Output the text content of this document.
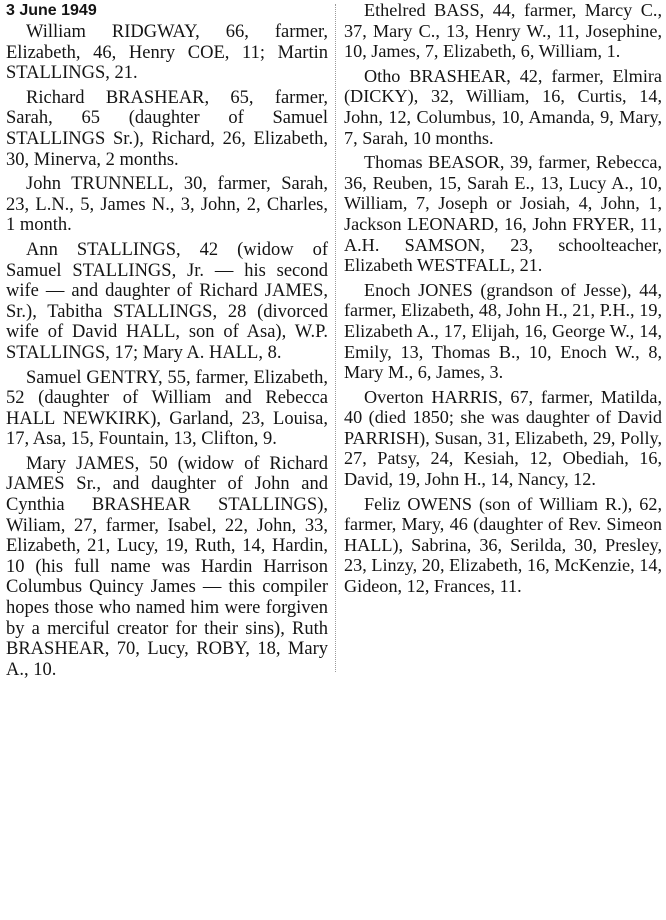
3 June 1949

William RIDGWAY, 66, farmer, Elizabeth, 46, Henry COE, 11; Martin STALLINGS, 21.

Richard BRASHEAR, 65, farmer, Sarah, 65 (daughter of Samuel STALLINGS Sr.), Richard, 26, Elizabeth, 30, Minerva, 2 months.

John TRUNNELL, 30, farmer, Sarah, 23, L.N., 5, James N., 3, John, 2, Charles, 1 month.

Ann STALLINGS, 42 (widow of Samuel STALLINGS, Jr. — his second wife — and daughter of Richard JAMES, Sr.), Tabitha STALLINGS, 28 (divorced wife of David HALL, son of Asa), W.P. STALLINGS, 17; Mary A. HALL, 8.

Samuel GENTRY, 55, farmer, Elizabeth, 52 (daughter of William and Rebecca HALL NEWKIRK), Garland, 23, Louisa, 17, Asa, 15, Fountain, 13, Clifton, 9.

Mary JAMES, 50 (widow of Richard JAMES Sr., and daughter of John and Cynthia BRASHEAR STALLINGS), Wiliam, 27, farmer, Isabel, 22, John, 33, Elizabeth, 21, Lucy, 19, Ruth, 14, Hardin, 10 (his full name was Hardin Harrison Columbus Quincy James — this compiler hopes those who named him were forgiven by a merciful creator for their sins), Ruth BRASHEAR, 70, Lucy, ROBY, 18, Mary A., 10.

Ethelred BASS, 44, farmer, Marcy C., 37, Mary C., 13, Henry W., 11, Josephine, 10, James, 7, Elizabeth, 6, William, 1.

Otho BRASHEAR, 42, farmer, Elmira (DICKY), 32, William, 16, Curtis, 14, John, 12, Columbus, 10, Amanda, 9, Mary, 7, Sarah, 10 months.

Thomas BEASOR, 39, farmer, Rebecca, 36, Reuben, 15, Sarah E., 13, Lucy A., 10, William, 7, Joseph or Josiah, 4, John, 1, Jackson LEONARD, 16, John FRYER, 11, A.H. SAMSON, 23, schoolteacher, Elizabeth WESTFALL, 21.

Enoch JONES (grandson of Jesse), 44, farmer, Elizabeth, 48, John H., 21, P.H., 19, Elizabeth A., 17, Elijah, 16, George W., 14, Emily, 13, Thomas B., 10, Enoch W., 8, Mary M., 6, James, 3.

Overton HARRIS, 67, farmer, Matilda, 40 (died 1850; she was daughter of David PARRISH), Susan, 31, Elizabeth, 29, Polly, 27, Patsy, 24, Kesiah, 12, Obediah, 16, David, 19, John H., 14, Nancy, 12.

Feliz OWENS (son of William R.), 62, farmer, Mary, 46 (daughter of Rev. Simeon HALL), Sabrina, 36, Serilda, 30, Presley, 23, Linzy, 20, Elizabeth, 16, McKenzie, 14, Gideon, 12, Frances, 11.
